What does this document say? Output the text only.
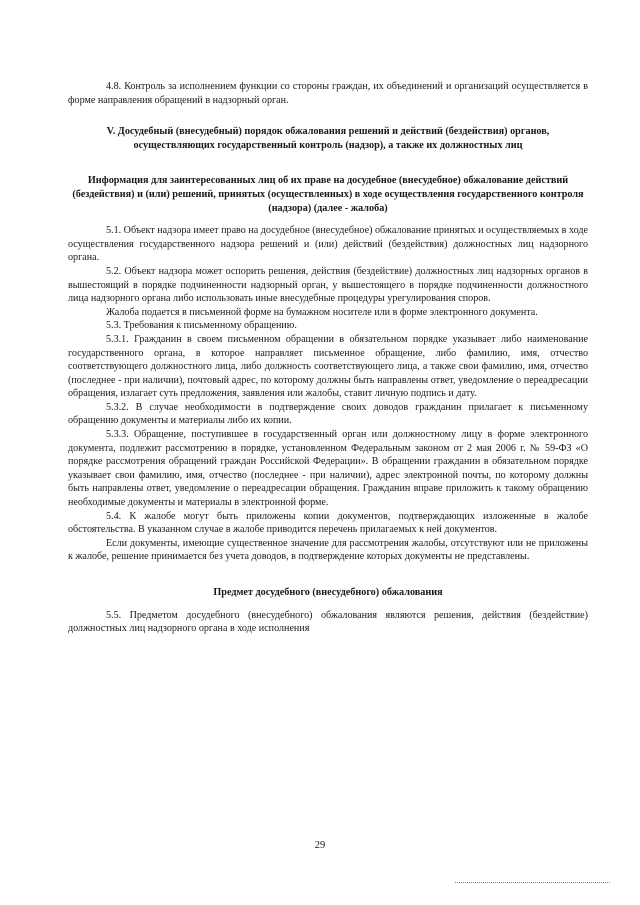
4.8. Контроль за исполнением функции со стороны граждан, их объединений и организаций осуществляется в форме направления обращений в надзорный орган.

V. Досудебный (внесудебный) порядок обжалования решений и действий (бездействия) органов, осуществляющих государственный контроль (надзор), а также их должностных лиц
Информация для заинтересованных лиц об их праве на досудебное (внесудебное) обжалование действий (бездействия) и (или) решений, принятых (осуществленных) в ходе осуществления государственного контроля (надзора) (далее - жалоба)

5.1. Объект надзора имеет право на досудебное (внесудебное) обжалование принятых и осуществляемых в ходе осуществления государственного надзора решений и (или) действий (бездействия) должностных лиц надзорного органа.

5.2. Объект надзора может оспорить решения, действия (бездействие) должностных лиц надзорных органов в вышестоящий в порядке подчиненности надзорный орган, у вышестоящего в порядке подчиненности должностного лица надзорного органа либо использовать иные внесудебные процедуры урегулирования споров.

Жалоба подается в письменной форме на бумажном носителе или в форме электронного документа.

5.3. Требования к письменному обращению.

5.3.1. Гражданин в своем письменном обращении в обязательном порядке указывает либо наименование государственного органа, в которое направляет письменное обращение, либо фамилию, имя, отчество соответствующего должностного лица, либо должность соответствующего лица, а также свои фамилию, имя, отчество (последнее - при наличии), почтовый адрес, по которому должны быть направлены ответ, уведомление о переадресации обращения, излагает суть предложения, заявления или жалобы, ставит личную подпись и дату.

5.3.2. В случае необходимости в подтверждение своих доводов гражданин прилагает к письменному обращению документы и материалы либо их копии.

5.3.3. Обращение, поступившее в государственный орган или должностному лицу в форме электронного документа, подлежит рассмотрению в порядке, установленном Федеральным законом от 2 мая 2006 г. № 59-ФЗ «О порядке рассмотрения обращений граждан Российской Федерации». В обращении гражданин в обязательном порядке указывает свои фамилию, имя, отчество (последнее - при наличии), адрес электронной почты, по которому должны быть направлены ответ, уведомление о переадресации обращения. Гражданин вправе приложить к такому обращению необходимые документы и материалы в электронной форме.

5.4. К жалобе могут быть приложены копии документов, подтверждающих изложенные в жалобе обстоятельства. В указанном случае в жалобе приводится перечень прилагаемых к ней документов.

Если документы, имеющие существенное значение для рассмотрения жалобы, отсутствуют или не приложены к жалобе, решение принимается без учета доводов, в подтверждение которых документы не представлены.

Предмет досудебного (внесудебного) обжалования

5.5. Предметом досудебного (внесудебного) обжалования являются решения, действия (бездействие) должностных лиц надзорного органа в ходе исполнения

29
